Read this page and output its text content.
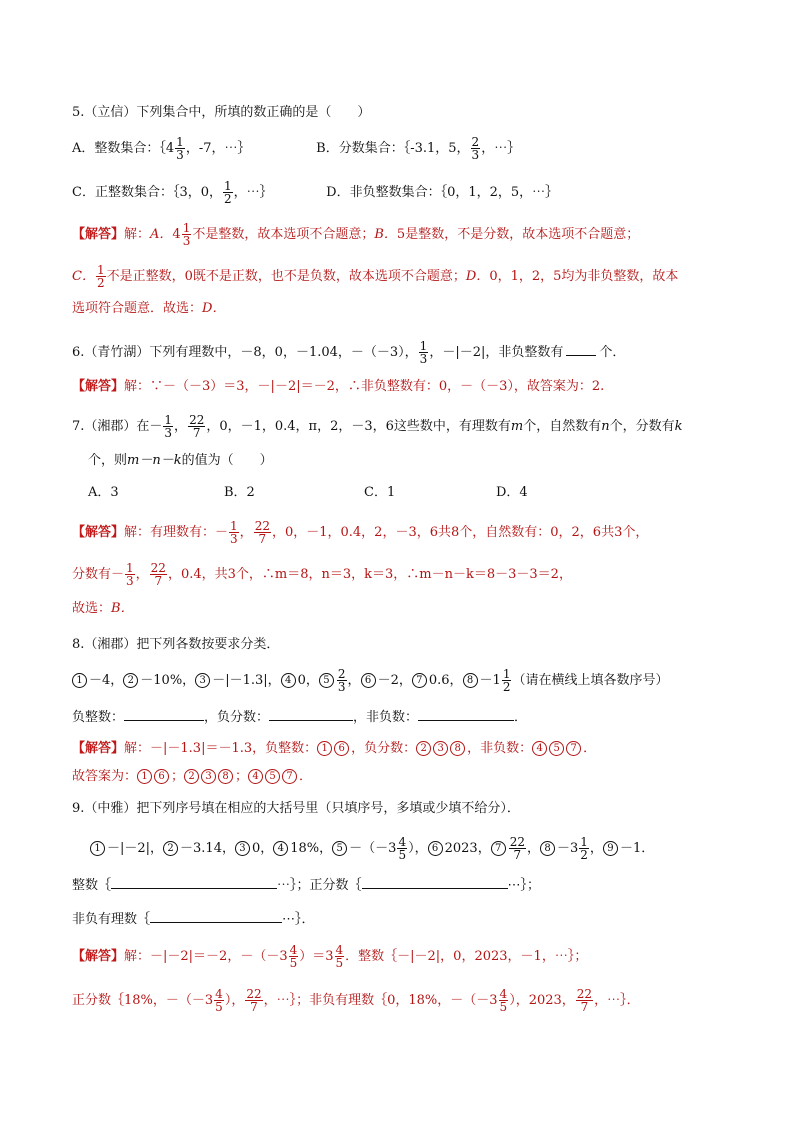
5.（立信）下列集合中，所填的数正确的是（　　）
A．整数集合：｛4 $\frac{1}{3}$ ，-7，⋯｝	B．分数集合：｛-3.1，5， $\frac{2}{3}$ ，⋯｝
C．正整数集合：｛3，0， $\frac{1}{2}$ ，⋯｝	D．非负整数集合：｛0，1，2，5，⋯｝
【解答】解：A．$4 \frac{1}{3}$ 不是整数，故本选项不合题意；B．5是整数，不是分数，故本选项不合题意；
C． $\frac{1}{2}$ 不是正整数，0既不是正数，也不是负数，故本选项不合题意；D．0，1，2，5均为非负整数，故本
选项符合题意．故选：D．
6.（青竹湖）下列有理数中，－8，0，－1.04，－（－3）， $\frac{1}{3}$ ，－|－2|，非负整数有	个．
【解答】解：∵－（－3）＝3，－|－2|＝－2，∴非负整数有：0，－（－3），故答案为：2.
7.（湘郡）在－ $\frac{1}{3}$ ， $\frac{22}{7}$ ，0，－1，0.4，π，2，－3，6这些数中，有理数有m个，自然数有n个，分数有k
个，则m－n－k的值为（　　）
A．3	B．2	C．1	D．4
【解答】解：有理数有：－ $\frac{1}{3}$ ， $\frac{22}{7}$ ，0，－1，0.4，2，－3，6共8个，自然数有：0，2，6共3个，
分数有－ $\frac{1}{3}$ ， $\frac{22}{7}$ ，0.4，共3个，∴m＝8，n＝3，k＝3，∴m－n－k＝8－3－3＝2，
故选：B．
8.（湘郡）把下列各数按要求分类．
1 －4， 2 －10%， 3 －|－1.3|， 4 0， $5 \frac{2}{3}$ ， 6 －2， 7 0.6， $8 -1 \frac{1}{2}$ （请在横线上填各数序号）
负整数：	，负分数：	，非负数：	．
【解答】解：－|－1.3|＝－1.3，负整数： 1 6 ，负分数： 2 3 8 ，非负数： 4 5 7 ．
故答案为： 1 6 ； 2 3 8 ； 4 5 7 ．
9.（中雅）把下列序号填在相应的大括号里（只填序号，多填或少填不给分）．
1 －|－2|， 2 －3.14， 3 0， 4 18%， $5 -(-3 \frac{4}{5}$ ）， 6 2023， $7 \frac{22}{7}$ ， $8 -3 \frac{1}{2}$ ， 9 －1．
整数｛	⋯｝；正分数｛	⋯｝；
非负有理数｛	⋯｝．
【解答】解：－|－2|＝－2，$-(-3 \frac{4}{5} )=3 \frac{4}{5}$ ．整数｛－|－2|，0，2023，－1，⋯｝；
正分数｛18%，$-(-3 \frac{4}{5}$ ）， $\frac{22}{7}$ ，⋯｝；非负有理数｛0，18%，$-(-3 \frac{4}{5}$ ），2023， $\frac{22}{7}$ ，⋯｝．
